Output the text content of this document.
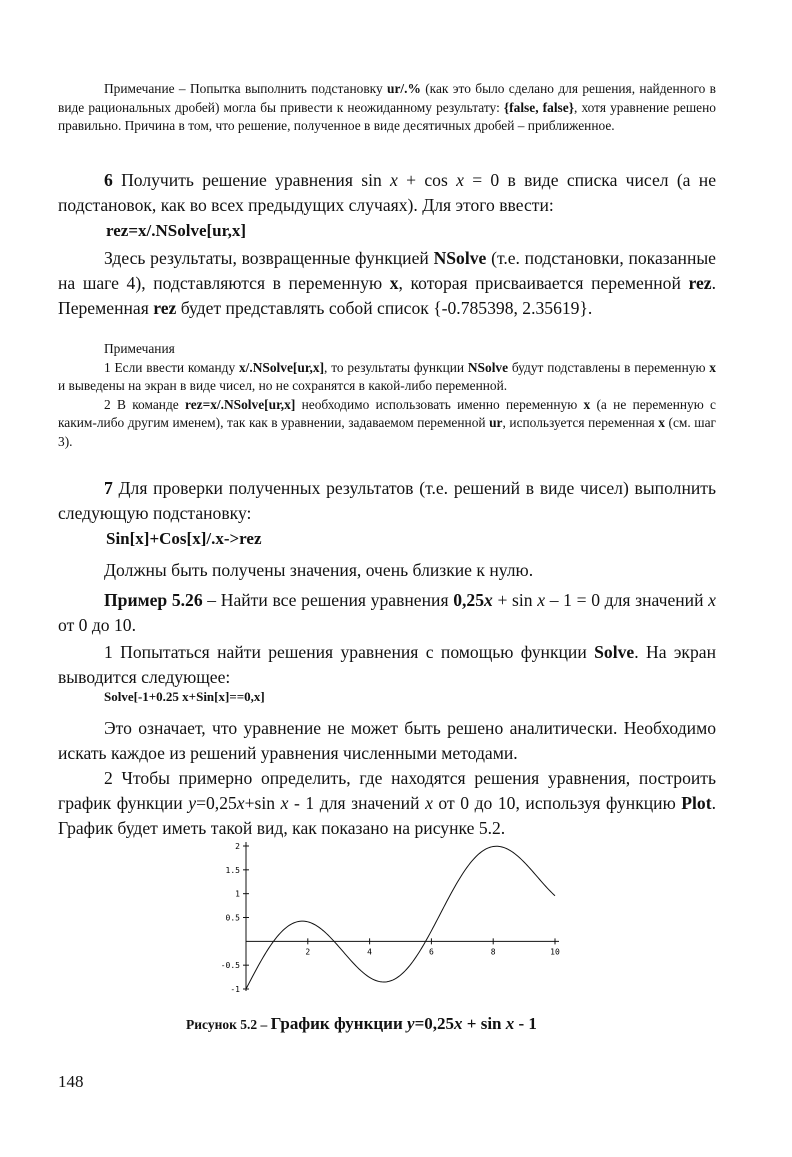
Примечание – Попытка выполнить подстановку ur/.% (как это было сделано для решения, найденного в виде рациональных дробей) могла бы привести к неожиданному результату: {false, false}, хотя уравнение решено правильно. Причина в том, что решение, полученное в виде десятичных дробей – приближенное.

6 Получить решение уравнения sin x + cos x = 0 в виде списка чисел (а не подстановок, как во всех предыдущих случаях). Для этого ввести:

rez=x/.NSolve[ur,x]

Здесь результаты, возвращенные функцией NSolve (т.е. подстановки, показанные на шаге 4), подставляются в переменную x, которая присваивается переменной rez. Переменная rez будет представлять собой список {-0.785398, 2.35619}.

Примечания

1 Если ввести команду x/.NSolve[ur,x], то результаты функции NSolve будут подставлены в переменную x и выведены на экран в виде чисел, но не сохранятся в какой-либо переменной.

2 В команде rez=x/.NSolve[ur,x] необходимо использовать именно переменную x (а не переменную с каким-либо другим именем), так как в уравнении, задаваемом переменной ur, используется переменная x (см. шаг 3).

7 Для проверки полученных результатов (т.е. решений в виде чисел) выполнить следующую подстановку:

Sin[x]+Cos[x]/.x->rez

Должны быть получены значения, очень близкие к нулю.

Пример 5.26 – Найти все решения уравнения 0,25x + sin x – 1 = 0 для значений x от 0 до 10.

1 Попытаться найти решения уравнения с помощью функции Solve. На экран выводится следующее:

Solve[-1+0.25 x+Sin[x]==0,x]

Это означает, что уравнение не может быть решено аналитически. Необходимо искать каждое из решений уравнения численными методами.

2 Чтобы примерно определить, где находятся решения уравнения, построить график функции y=0,25x+sin x - 1 для значений x от 0 до 10, используя функцию Plot. График будет иметь такой вид, как показано на рисунке 5.2.

2	4	6	8	10
2
1.5
1
0.5
-0.5
-1
Рисунок 5.2 – График функции y=0,25x + sin x - 1
148
